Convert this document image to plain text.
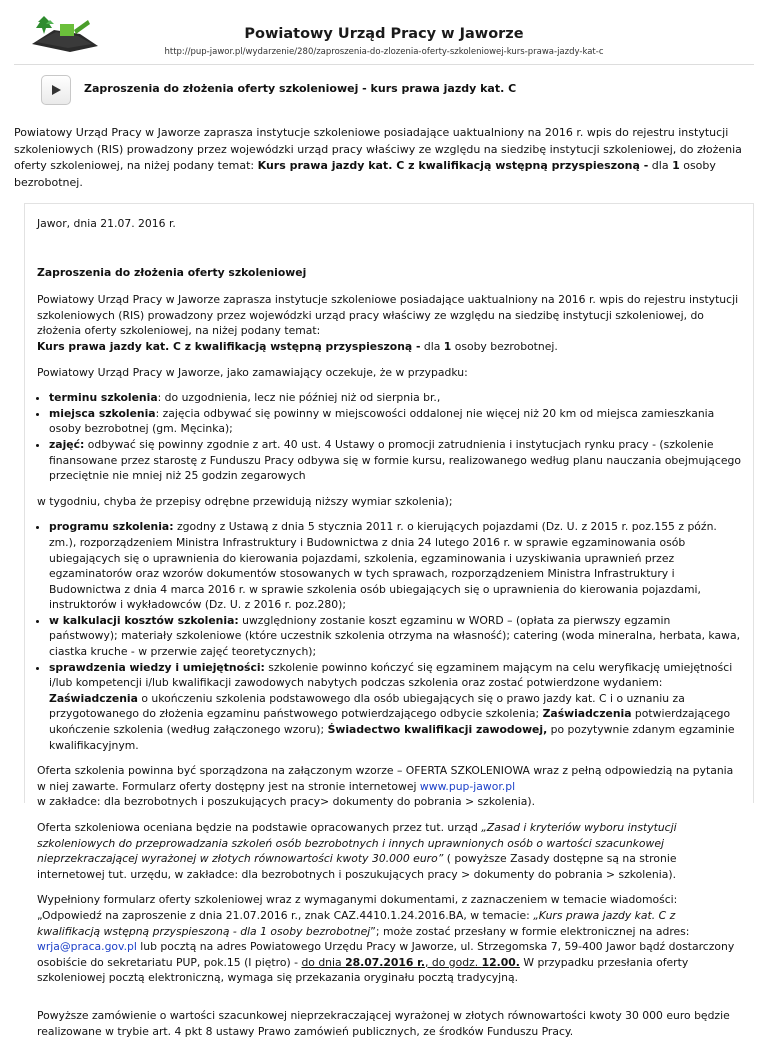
Powiatowy Urząd Pracy w Jaworze
http://pup-jawor.pl/wydarzenie/280/zaproszenia-do-zlozenia-oferty-szkoleniowej-kurs-prawa-jazdy-kat-c
Zaproszenia do złożenia oferty szkoleniowej - kurs prawa jazdy kat. C
Powiatowy Urząd Pracy w Jaworze zaprasza instytucje szkoleniowe posiadające uaktualniony na 2016 r. wpis do rejestru instytucji szkoleniowych (RIS) prowadzony przez wojewódzki urząd pracy właściwy ze względu na siedzibę instytucji szkoleniowej, do złożenia oferty szkoleniowej, na niżej podany temat: Kurs prawa jazdy kat. C z kwalifikacją wstępną przyspieszoną - dla 1 osoby bezrobotnej.

Jawor, dnia 21.07. 2016 r.

Zaproszenia do złożenia oferty szkoleniowej

Powiatowy Urząd Pracy w Jaworze zaprasza instytucje szkoleniowe posiadające uaktualniony na 2016 r. wpis do rejestru instytucji szkoleniowych (RIS) prowadzony przez wojewódzki urząd pracy właściwy ze względu na siedzibę instytucji szkoleniowej, do złożenia oferty szkoleniowej, na niżej podany temat:
Kurs prawa jazdy kat. C z kwalifikacją wstępną przyspieszoną - dla 1 osoby bezrobotnej.

Powiatowy Urząd Pracy w Jaworze, jako zamawiający oczekuje, że w przypadku:

• terminu szkolenia: do uzgodnienia, lecz nie później niż od sierpnia br.,
• miejsca szkolenia: zajęcia odbywać się powinny w miejscowości oddalonej nie więcej niż 20 km od miejsca zamieszkania osoby bezrobotnej (gm. Męcinka);
• zajęć: odbywać się powinny zgodnie z art. 40 ust. 4 Ustawy o promocji zatrudnienia i instytucjach rynku pracy - (szkolenie finansowane przez starostę z Funduszu Pracy odbywa się w formie kursu, realizowanego według planu nauczania obejmującego przeciętnie nie mniej niż 25 godzin zegarowych

w tygodniu, chyba że przepisy odrębne przewidują niższy wymiar szkolenia);

• programu szkolenia: zgodny z Ustawą z dnia 5 stycznia 2011 r. o kierujących pojazdami (Dz. U. z 2015 r. poz.155 z późn. zm.), rozporządzeniem Ministra Infrastruktury i Budownictwa z dnia 24 lutego 2016 r. w sprawie egzaminowania osób ubiegających się o uprawnienia do kierowania pojazdami, szkolenia, egzaminowania i uzyskiwania uprawnień przez egzaminatorów oraz wzorów dokumentów stosowanych w tych sprawach, rozporządzeniem Ministra Infrastruktury i Budownictwa z dnia 4 marca 2016 r. w sprawie szkolenia osób ubiegających się o uprawnienia do kierowania pojazdami, instruktorów i wykładowców (Dz. U. z 2016 r. poz.280);
• w kalkulacji kosztów szkolenia: uwzględniony zostanie koszt egzaminu w WORD – (opłata za pierwszy egzamin państwowy); materiały szkoleniowe (które uczestnik szkolenia otrzyma na własność); catering (woda mineralna, herbata, kawa, ciastka kruche - w przerwie zajęć teoretycznych);
• sprawdzenia wiedzy i umiejętności: szkolenie powinno kończyć się egzaminem mającym na celu weryfikację umiejętności i/lub kompetencji i/lub kwalifikacji zawodowych nabytych podczas szkolenia oraz zostać potwierdzone wydaniem: Zaświadczenia o ukończeniu szkolenia podstawowego dla osób ubiegających się o prawo jazdy kat. C i o uznaniu za przygotowanego do złożenia egzaminu państwowego potwierdzającego odbycie szkolenia; Zaświadczenia potwierdzającego ukończenie szkolenia (według załączonego wzoru); Świadectwo kwalifikacji zawodowej, po pozytywnie zdanym egzaminie kwalifikacyjnym.

Oferta szkolenia powinna być sporządzona na załączonym wzorze – OFERTA SZKOLENIOWA wraz z pełną odpowiedzią na pytania w niej zawarte. Formularz oferty dostępny jest na stronie internetowej www.pup-jawor.pl
w zakładce: dla bezrobotnych i poszukujących pracy> dokumenty do pobrania > szkolenia).

Oferta szkoleniowa oceniana będzie na podstawie opracowanych przez tut. urząd „Zasad i kryteriów wyboru instytucji szkoleniowych do przeprowadzania szkoleń osób bezrobotnych i innych uprawnionych osób o wartości szacunkowej nieprzekraczającej wyrażonej w złotych równowartości kwoty 30.000 euro” ( powyższe Zasady dostępne są na stronie internetowej tut. urzędu, w zakładce: dla bezrobotnych i poszukujących pracy > dokumenty do pobrania > szkolenia).

Wypełniony formularz oferty szkoleniowej wraz z wymaganymi dokumentami, z zaznaczeniem w temacie wiadomości: „Odpowiedź na zaproszenie z dnia 21.07.2016 r., znak CAZ.4410.1.24.2016.BA, w temacie: „Kurs prawa jazdy kat. C z kwalifikacją wstępną przyspieszoną - dla 1 osoby bezrobotnej”; może zostać przesłany w formie elektronicznej na adres: wrja@praca.gov.pl lub pocztą na adres Powiatowego Urzędu Pracy w Jaworze, ul. Strzegomska 7, 59-400 Jawor bądź dostarczony osobiście do sekretariatu PUP, pok.15 (I piętro) - do dnia 28.07.2016 r., do godz. 12.00. W przypadku przesłania oferty szkoleniowej pocztą elektroniczną, wymaga się przekazania oryginału pocztą tradycyjną.

Powyższe zamówienie o wartości szacunkowej nieprzekraczającej wyrażonej w złotych równowartości kwoty 30 000 euro będzie realizowane w trybie art. 4 pkt 8 ustawy Prawo zamówień publicznych, ze środków Funduszu Pracy.
